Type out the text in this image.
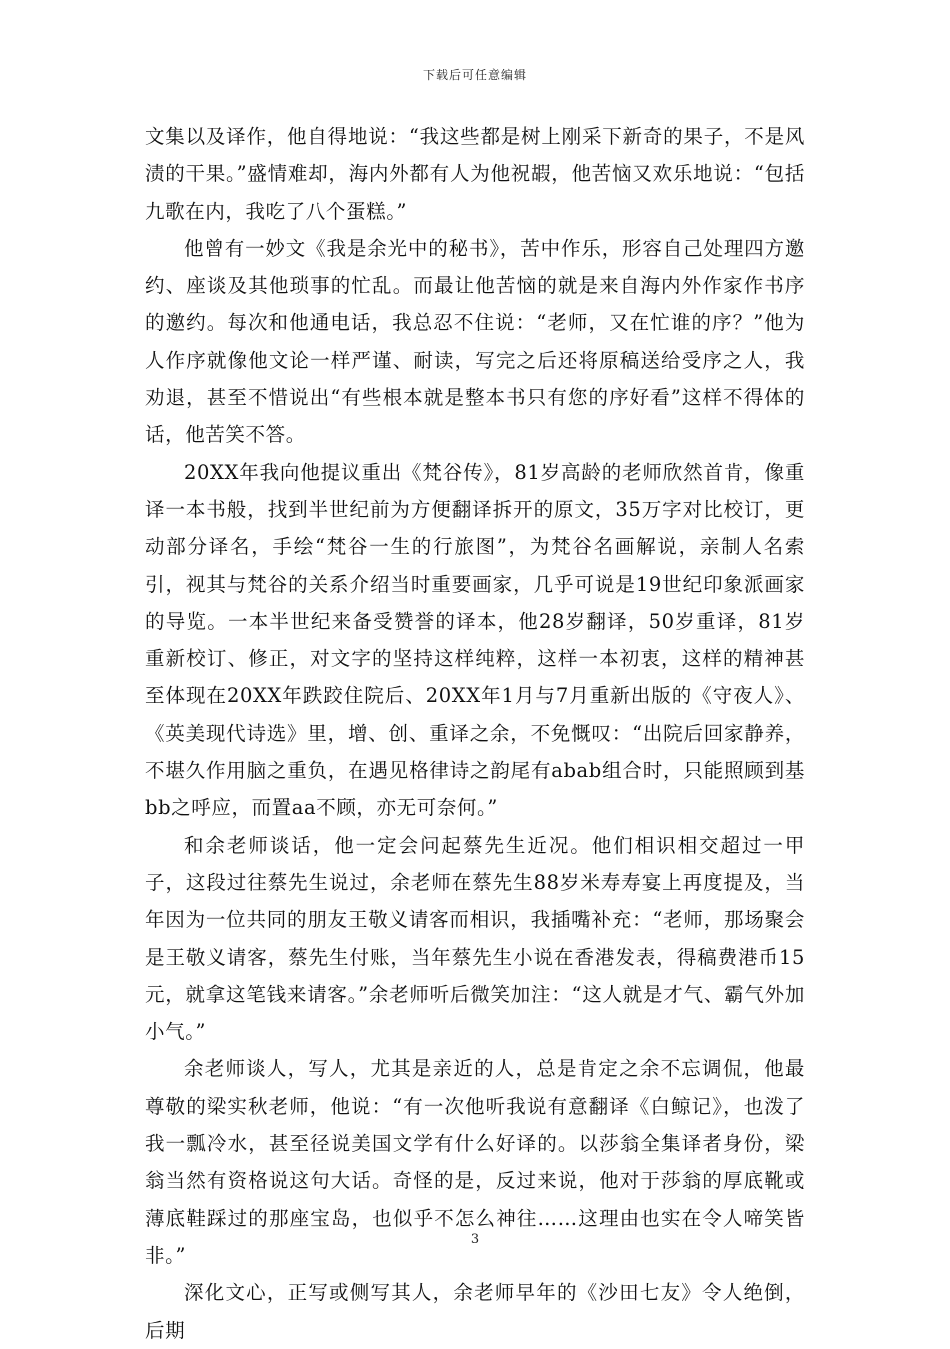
下载后可任意编辑

文集以及译作，他自得地说：“我这些都是树上刚采下新奇的果子，不是风渍的干果。”盛情难却，海内外都有人为他祝嘏，他苦恼又欢乐地说：“包括九歌在内，我吃了八个蛋糕。”

他曾有一妙文《我是余光中的秘书》，苦中作乐，形容自己处理四方邀约、座谈及其他琐事的忙乱。而最让他苦恼的就是来自海内外作家作书序的邀约。每次和他通电话，我总忍不住说：“老师，又在忙谁的序？”他为人作序就像他文论一样严谨、耐读，写完之后还将原稿送给受序之人，我劝退，甚至不惜说出“有些根本就是整本书只有您的序好看”这样不得体的话，他苦笑不答。

20XX年我向他提议重出《梵谷传》，81岁高龄的老师欣然首肯，像重译一本书般，找到半世纪前为方便翻译拆开的原文，35万字对比校订，更动部分译名，手绘“梵谷一生的行旅图”，为梵谷名画解说，亲制人名索引，视其与梵谷的关系介绍当时重要画家，几乎可说是19世纪印象派画家的导览。一本半世纪来备受赞誉的译本，他28岁翻译，50岁重译，81岁重新校订、修正，对文字的坚持这样纯粹，这样一本初衷，这样的精神甚至体现在20XX年跌跤住院后、20XX年1月与7月重新出版的《守夜人》、《英美现代诗选》里，增、创、重译之余，不免慨叹：“出院后回家静养，不堪久作用脑之重负，在遇见格律诗之韵尾有abab组合时，只能照顾到基bb之呼应，而置aa不顾，亦无可奈何。”

和余老师谈话，他一定会问起蔡先生近况。他们相识相交超过一甲子，这段过往蔡先生说过，余老师在蔡先生88岁米寿寿宴上再度提及，当年因为一位共同的朋友王敬义请客而相识，我插嘴补充：“老师，那场聚会是王敬义请客，蔡先生付账，当年蔡先生小说在香港发表，得稿费港币15元，就拿这笔钱来请客。”余老师听后微笑加注：“这人就是才气、霸气外加小气。”

余老师谈人，写人，尤其是亲近的人，总是肯定之余不忘调侃，他最尊敬的梁实秋老师，他说：“有一次他听我说有意翻译《白鲸记》，也泼了我一瓢冷水，甚至径说美国文学有什么好译的。以莎翁全集译者身份，梁翁当然有资格说这句大话。奇怪的是，反过来说，他对于莎翁的厚底靴或薄底鞋踩过的那座宝岛，也似乎不怎么神往……这理由也实在令人啼笑皆非。”

深化文心，正写或侧写其人，余老师早年的《沙田七友》令人绝倒，后期

3
